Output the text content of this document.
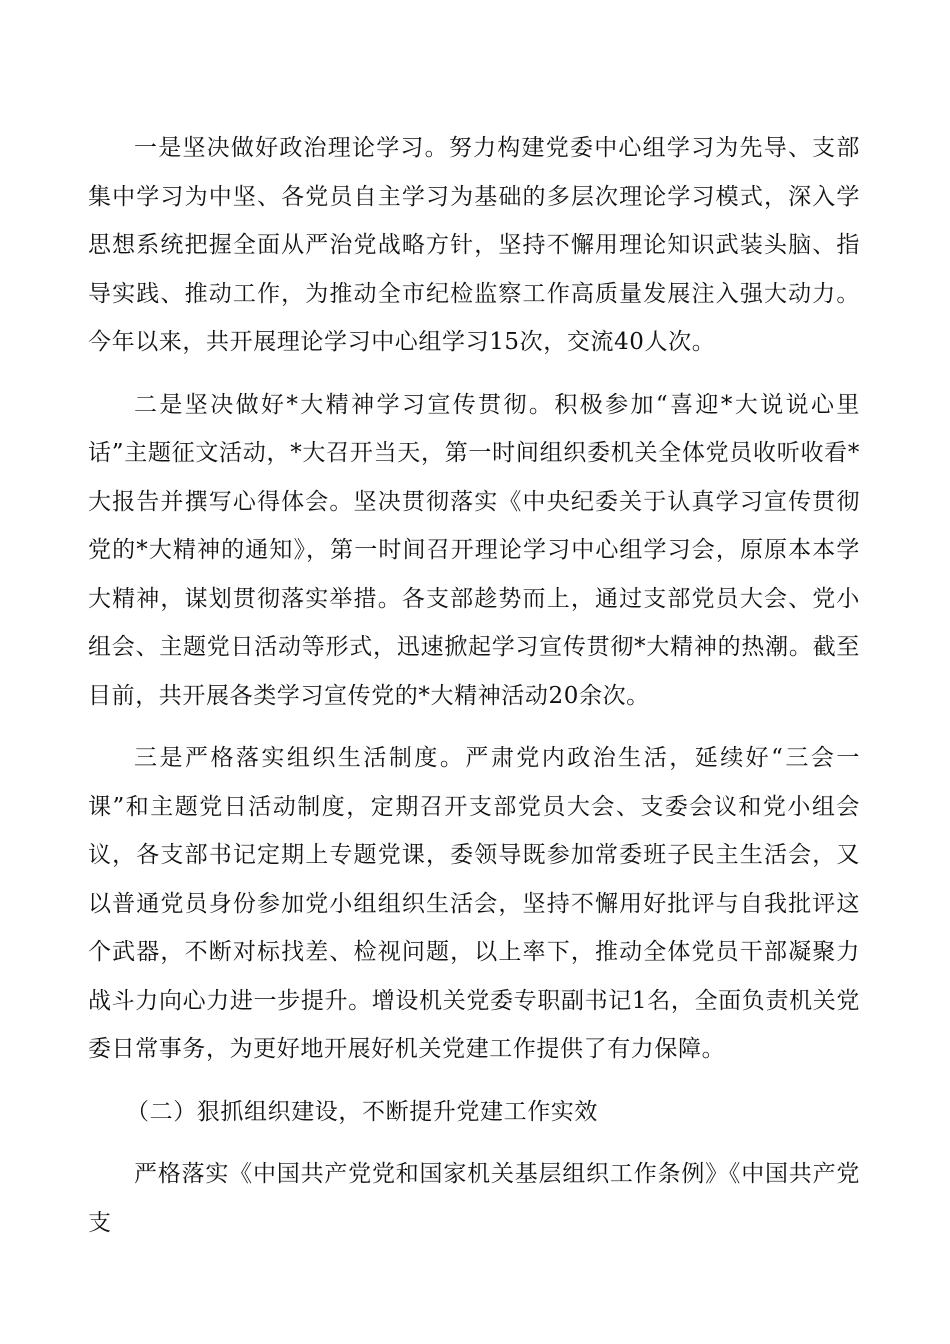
一是坚决做好政治理论学习。努力构建党委中心组学习为先导、支部集中学习为中坚、各党员自主学习为基础的多层次理论学习模式，深入学思想系统把握全面从严治党战略方针，坚持不懈用理论知识武装头脑、指导实践、推动工作，为推动全市纪检监察工作高质量发展注入强大动力。今年以来，共开展理论学习中心组学习15次，交流40人次。

二是坚决做好*大精神学习宣传贯彻。积极参加“喜迎*大说说心里话”主题征文活动，*大召开当天，第一时间组织委机关全体党员收听收看*大报告并撰写心得体会。坚决贯彻落实《中央纪委关于认真学习宣传贯彻党的*大精神的通知》，第一时间召开理论学习中心组学习会，原原本本学大精神，谋划贯彻落实举措。各支部趁势而上，通过支部党员大会、党小组会、主题党日活动等形式，迅速掀起学习宣传贯彻*大精神的热潮。截至目前，共开展各类学习宣传党的*大精神活动20余次。

三是严格落实组织生活制度。严肃党内政治生活，延续好“三会一课”和主题党日活动制度，定期召开支部党员大会、支委会议和党小组会议，各支部书记定期上专题党课，委领导既参加常委班子民主生活会，又以普通党员身份参加党小组组织生活会，坚持不懈用好批评与自我批评这个武器，不断对标找差、检视问题，以上率下，推动全体党员干部凝聚力战斗力向心力进一步提升。增设机关党委专职副书记1名，全面负责机关党委日常事务，为更好地开展好机关党建工作提供了有力保障。

（二）狠抓组织建设，不断提升党建工作实效

严格落实《中国共产党党和国家机关基层组织工作条例》《中国共产党支
